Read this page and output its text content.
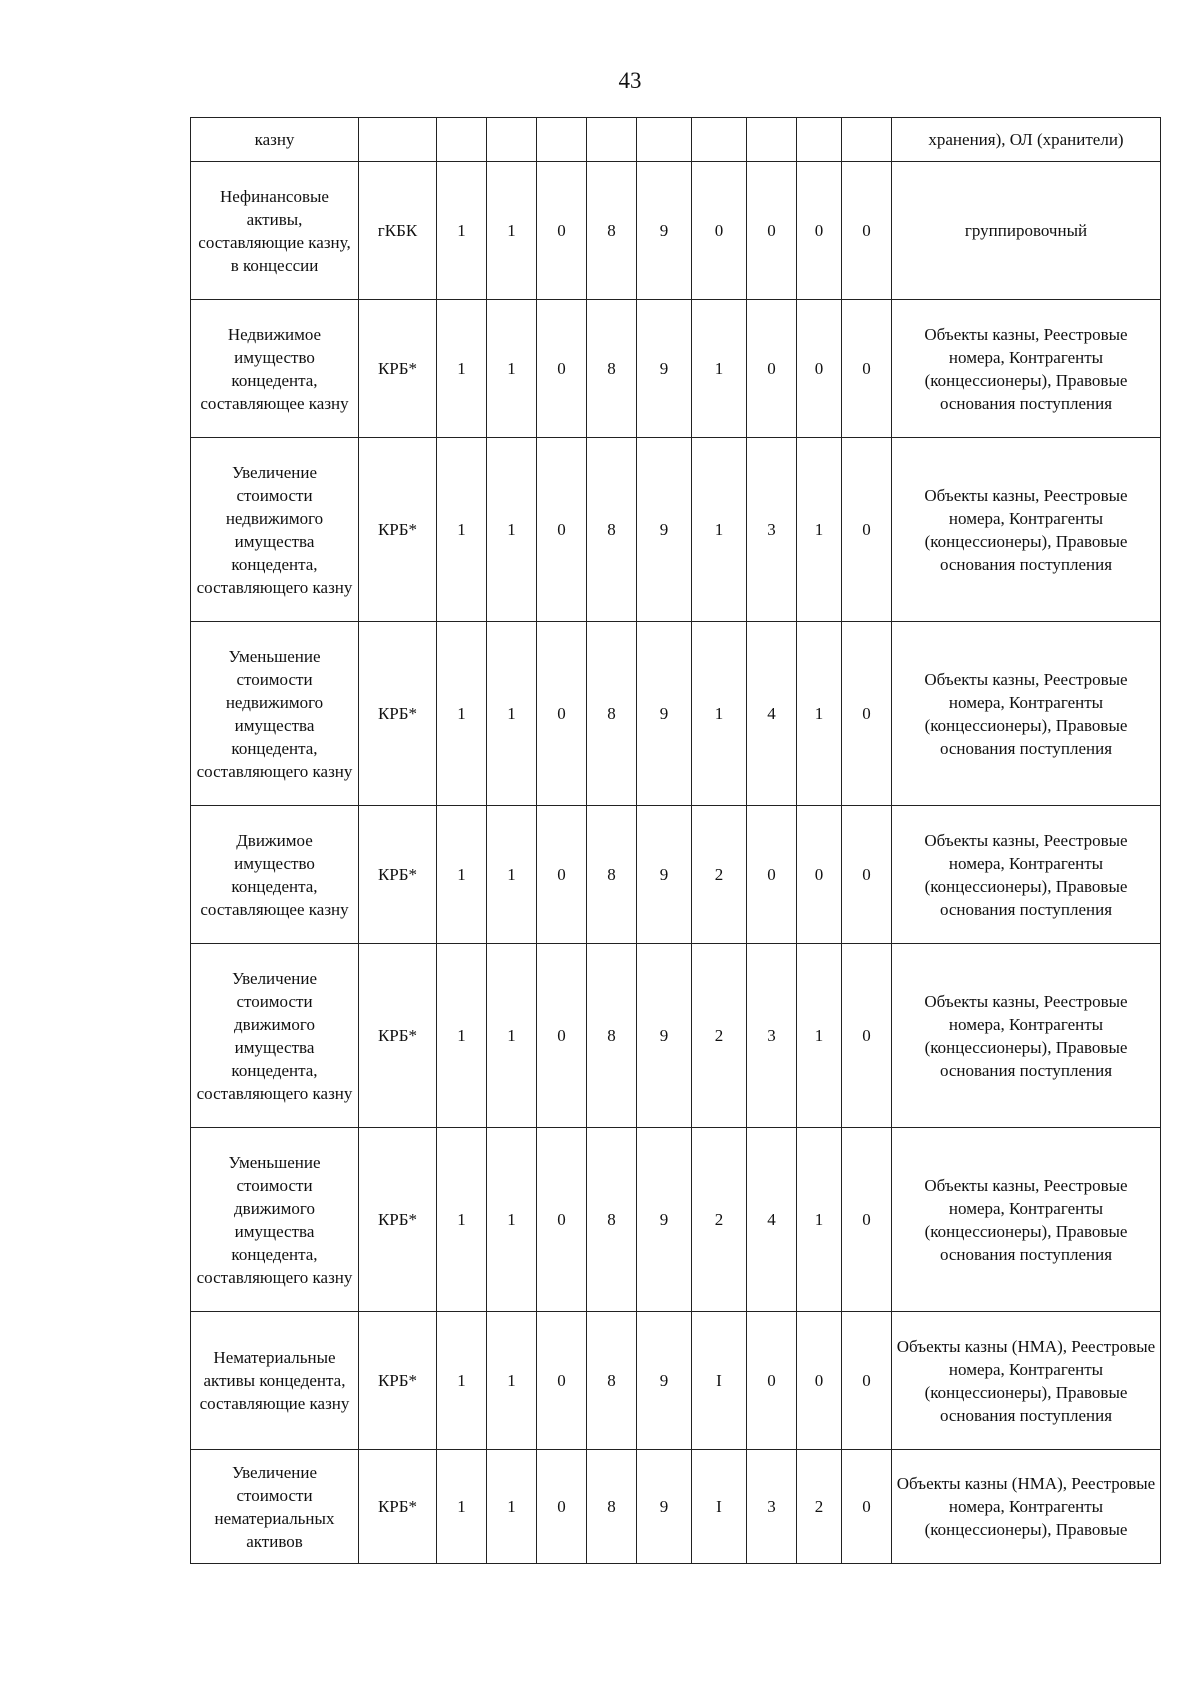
43
казну											хранения), ОЛ (хранители)
Нефинансовые активы, составляющие казну, в концессии	гКБК	1	1	0	8	9	0	0	0	0	группировочный
Недвижимое имущество концедента, составляющее казну	КРБ*	1	1	0	8	9	1	0	0	0	Объекты казны, Реестровые номера, Контрагенты (концессионеры), Правовые основания поступления
Увеличение стоимости недвижимого имущества концедента, составляющего казну	КРБ*	1	1	0	8	9	1	3	1	0	Объекты казны, Реестровые номера, Контрагенты (концессионеры), Правовые основания поступления
Уменьшение стоимости недвижимого имущества концедента, составляющего казну	КРБ*	1	1	0	8	9	1	4	1	0	Объекты казны, Реестровые номера, Контрагенты (концессионеры), Правовые основания поступления
Движимое имущество концедента, составляющее казну	КРБ*	1	1	0	8	9	2	0	0	0	Объекты казны, Реестровые номера, Контрагенты (концессионеры), Правовые основания поступления
Увеличение стоимости движимого имущества концедента, составляющего казну	КРБ*	1	1	0	8	9	2	3	1	0	Объекты казны, Реестровые номера, Контрагенты (концессионеры), Правовые основания поступления
Уменьшение стоимости движимого имущества концедента, составляющего казну	КРБ*	1	1	0	8	9	2	4	1	0	Объекты казны, Реестровые номера, Контрагенты (концессионеры), Правовые основания поступления
Нематериальные активы концедента, составляющие казну	КРБ*	1	1	0	8	9	I	0	0	0	Объекты казны (НМА), Реестровые номера, Контрагенты (концессионеры), Правовые основания поступления
Увеличение стоимости нематериальных активов	КРБ*	1	1	0	8	9	I	3	2	0	Объекты казны (НМА), Реестровые номера, Контрагенты (концессионеры), Правовые
